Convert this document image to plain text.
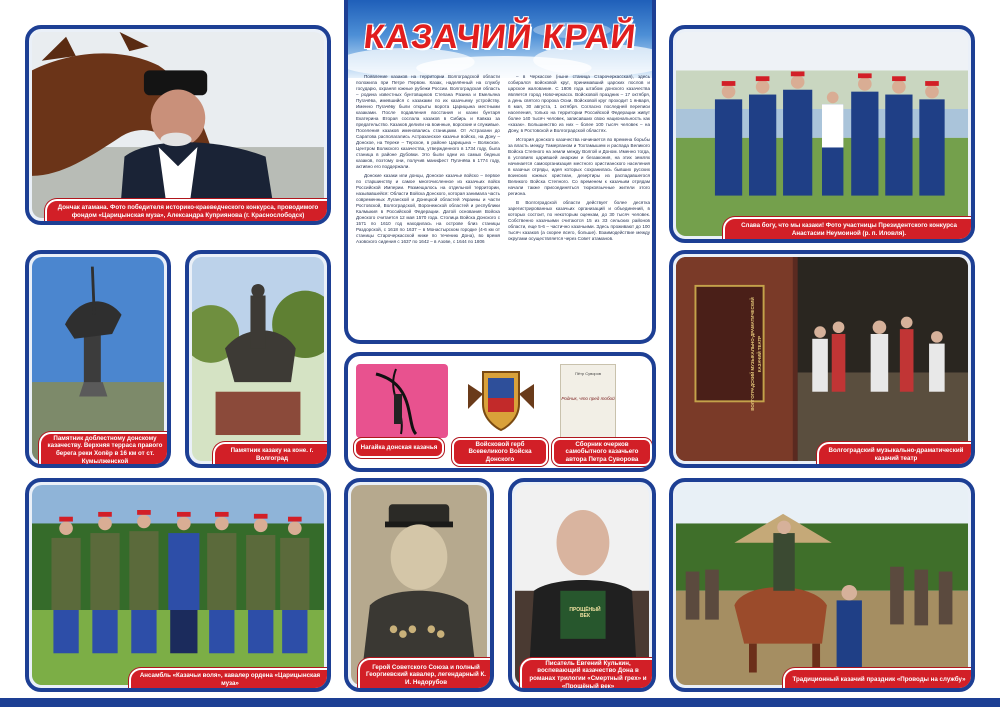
КАЗАЧИЙ КРАЙ

Появление казаков на территории Волгоградской области положила при Петре Первом. Казак, наделённый на службу государю, охранял южные рубежи России. Волгоградская область – родина известных бунтовщиков Степана Разина и Емельяна Пугачёва, имевшийся с казаками по их казачьему устройству. Именно Пугачёву были открыты ворота Царицына местными казаками. После подавления восстания и казни бунтаря Екатерина Вторая сослала казаков в Сибирь и Кавказ за предательство. Казаков делили на воинные, вороские и служивые. Поселения казаков именовались станицами. От Астрахани до Саратова располагались Астраханское казачье войско, на Дону – Донское, на Тереке – Терское, в районе Царицына – Волжское. Центром Волжского казачества, утвержденного в 1734 году, была станица в районе Дубовки. Это были одни из самых бедных казаков, поэтому они, получив манифест Пугачёва в 1774 году, активно его поддержали.

Донские казаки или донцы, Донское казачье войско – первое по старшинству и самое многочисленное из казачьих войск Российской Империи. Размещалось на отдельной территории, называвшейся: Области Войска Донского, которая занимала часть современных Луганской и Донецкой областей Украины и части Ростовской, Волгоградской, Воронежской областей и республики Калмыкия в Российской Федерации. Датой основания Войска Донского считается 12 мая 1570 года. Столица Войска Донского с 1571 по 1610 год находилась на острове близ станицы Раздорской, с 1618 по 1637 – в Монастырском городке (4-6 км от станицы Старочеркасской ниже по течению Дона), во время Азовского сидения с 1637 по 1642 – в Азове, с 1644 по 1806

– в Черкасске (ныне станица Старочеркасская), здесь собирался войсковой круг, принимавший царских послов и царское жалование. С 1806 года штабом донского казачества является город Новочеркасск. Войсковой праздник – 17 октября, а день святого пророка Осии. Войсковой круг проходит 1 января, 6 мая, 30 августа, 1 октября. Согласно последней переписи населения, только на территории Российской Федерации живут более 140 тысяч человек, записавших свою национальность как «казак». Большинство из них – более 100 тысяч человек – на Дону, в Ростовской и Волгоградской областях.

История донского казачества начинается во времена борьбы за власть между Тамерланом и Тохтамышем и распада Великого Войска Степного на земли между Волгой и Доном. Именно тогда, в условиях царившей анархии и беззакония, на этих землях начинается самоорганизация местного христианского населения в казачьи отряды, идея которых сохранилась бывших русских воинских южных христиан, дезертиры из распадавшегося Великого Войска Степного. Со временем к казачьим отрядам начали также присоединяться тюркоязычные жители этого региона.

В Волгоградской области действует более десятка зарегистрированных казачьих организаций и объединений, в которых состоит, по некоторым оценкам, до 30 тысяч человек. Собственно казачьими считаются 15 из 33 сельских районов области, еще 5-6 – частично казачьими. Здесь проживают до 100 тысяч казаков (а скорее всего, больше). Взаимодействие между округами осуществляется через Совет атаманов.

Дончак атамана. Фото победителя историко-краеведческого конкурса, проводимого фондом «Царицынская муза», Александра Куприянова (г. Краснослободск)
Слава богу, что мы казаки! Фото участницы Президентского конкурса Анастасии Неумоиной (р. п. Иловля).
Памятник доблестному донскому казачеству. Верхняя терраса правого берега реки Хопёр в 16 км от ст. Кумылженской
Памятник казаку на коне. г. Волгоград
Пётр Суворов
Родник, что пред тобой
Нагайка донская казачья
Войсковой герб Всевеликого Войска Донского
Сборник очерков самобытного казачьего автора Петра Суворова
ВОЛГОГРАДСКИЙ МУЗЫКАЛЬНО-ДРАМАТИЧЕСКИЙ КАЗАЧИЙ ТЕАТР
Волгоградский музыкально-драматический казачий театр
Ансамбль «Казачьи воля», кавалер ордена «Царицынская муза»
Герой Советского Союза и полный Георгиевский кавалер, легендарный К. И. Недорубов
ПРОЩЁНЫЙ ВЕК
Писатель Евгений Кулькин, воспевающий казачество Дона в романах трилогии «Смертный грех» и «Прощёный век»
Традиционный казачий праздник «Проводы на службу»
